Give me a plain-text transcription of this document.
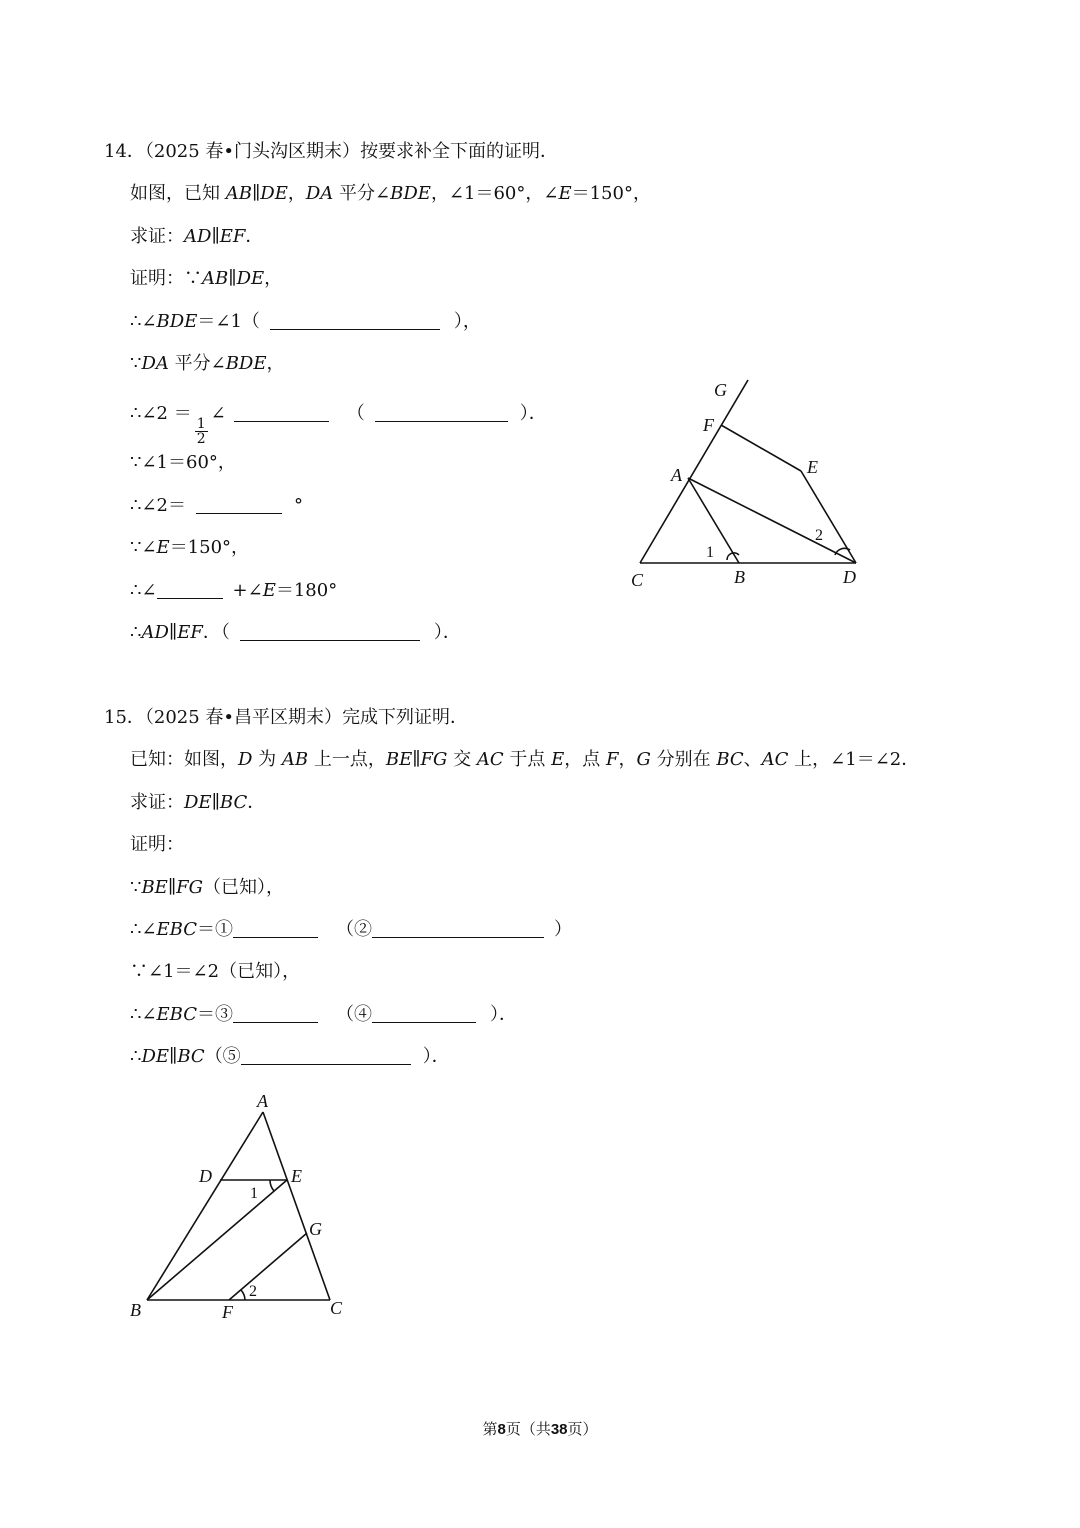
14．（2025 春•门头沟区期末）按要求补全下面的证明．
如图，已知 AB∥DE，DA 平分∠BDE，∠1＝60°，∠E＝150°，
求证：AD∥EF．
证明：∵AB∥DE，
∴∠BDE＝∠1（	），
∵DA 平分∠BDE，
∴∠2 ＝
$\frac{1}{2}$
∠	（	）．
∵∠1＝60°，
∴∠2＝	°
∵∠E＝150°，
∴∠	+∠E＝180°
∴AD∥EF．（	）．
G
F
E
A
C	B	D
1
2
15．（2025 春•昌平区期末）完成下列证明．
已知：如图，D 为 AB 上一点，BE∥FG 交 AC 于点 E，点 F，G 分别在 BC、AC 上，∠1＝∠2．
求证：DE∥BC．
证明：
∵BE∥FG（已知），
∴∠EBC＝①	（②	）
∵∠1＝∠2（已知），
∴∠EBC＝③	（④	）．
∴DE∥BC（⑤	）．
A
D	E
G
B	F	C
1
2
第8页（共38页）
